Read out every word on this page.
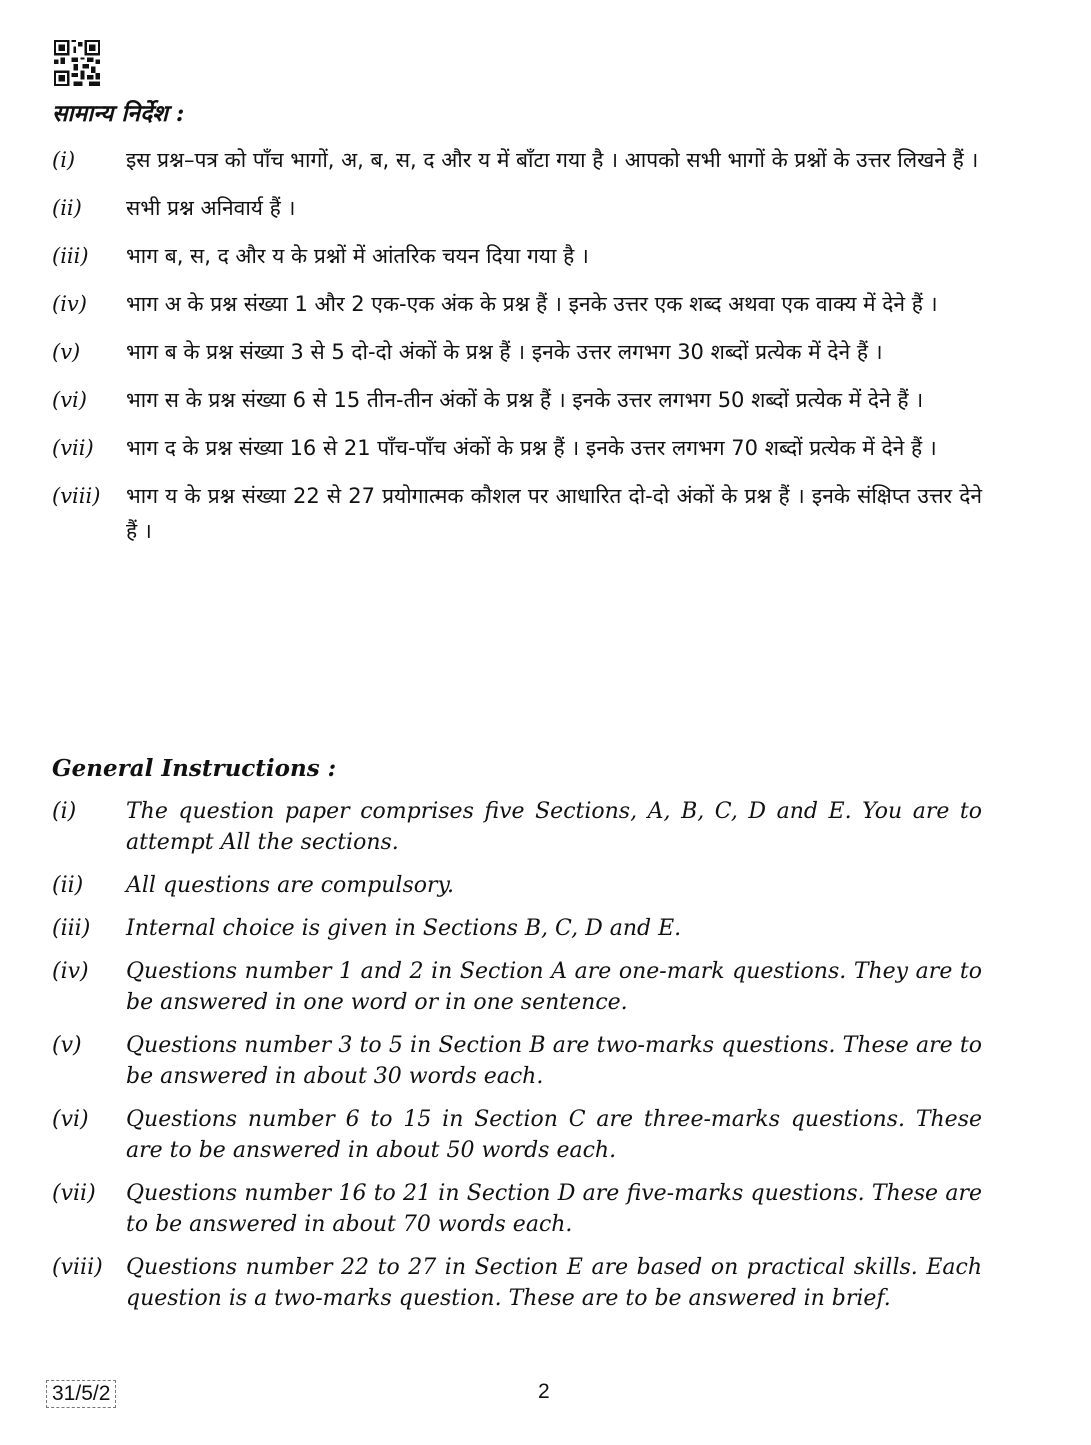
सामान्य निर्देश :
(i) इस प्रश्न–पत्र को पाँच भागों, अ, ब, स, द और य में बाँटा गया है । आपको सभी भागों के प्रश्नों के उत्तर लिखने हैं ।
(ii) सभी प्रश्न अनिवार्य हैं ।
(iii) भाग ब, स, द और य के प्रश्नों में आंतरिक चयन दिया गया है ।
(iv) भाग अ के प्रश्न संख्या 1 और 2 एक-एक अंक के प्रश्न हैं । इनके उत्तर एक शब्द अथवा एक वाक्य में देने हैं ।
(v) भाग ब के प्रश्न संख्या 3 से 5 दो-दो अंकों के प्रश्न हैं । इनके उत्तर लगभग 30 शब्दों प्रत्येक में देने हैं ।
(vi) भाग स के प्रश्न संख्या 6 से 15 तीन-तीन अंकों के प्रश्न हैं । इनके उत्तर लगभग 50 शब्दों प्रत्येक में देने हैं ।
(vii) भाग द के प्रश्न संख्या 16 से 21 पाँच-पाँच अंकों के प्रश्न हैं । इनके उत्तर लगभग 70 शब्दों प्रत्येक में देने हैं ।
(viii) भाग य के प्रश्न संख्या 22 से 27 प्रयोगात्मक कौशल पर आधारित दो-दो अंकों के प्रश्न हैं । इनके संक्षिप्त उत्तर देने हैं ।
General Instructions :
(i) The question paper comprises five Sections, A, B, C, D and E. You are to attempt All the sections.
(ii) All questions are compulsory.
(iii) Internal choice is given in Sections B, C, D and E.
(iv) Questions number 1 and 2 in Section A are one-mark questions. They are to be answered in one word or in one sentence.
(v) Questions number 3 to 5 in Section B are two-marks questions. These are to be answered in about 30 words each.
(vi) Questions number 6 to 15 in Section C are three-marks questions. These are to be answered in about 50 words each.
(vii) Questions number 16 to 21 in Section D are five-marks questions. These are to be answered in about 70 words each.
(viii) Questions number 22 to 27 in Section E are based on practical skills. Each question is a two-marks question. These are to be answered in brief.
31/5/2	2
